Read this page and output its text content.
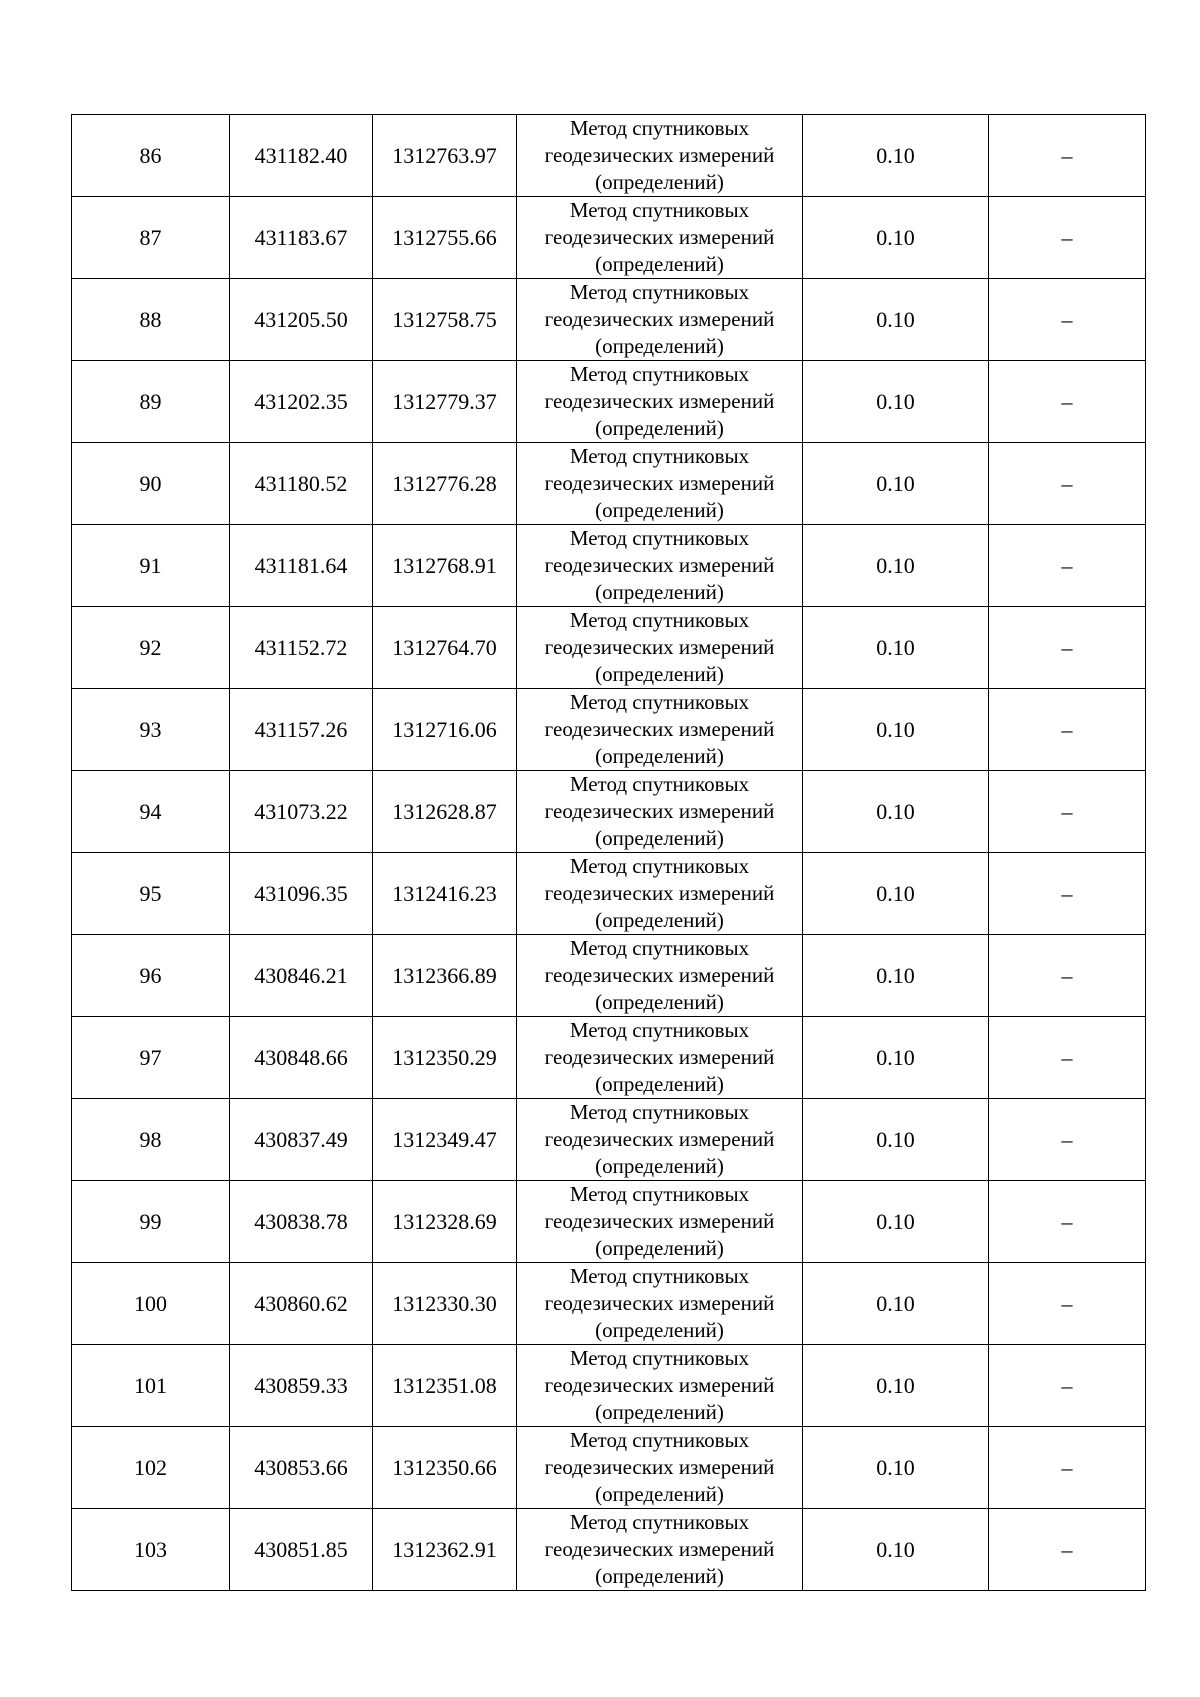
86	431182.40	1312763.97	Метод спутниковых геодезических измерений (определений)	0.10	–
87	431183.67	1312755.66	Метод спутниковых геодезических измерений (определений)	0.10	–
88	431205.50	1312758.75	Метод спутниковых геодезических измерений (определений)	0.10	–
89	431202.35	1312779.37	Метод спутниковых геодезических измерений (определений)	0.10	–
90	431180.52	1312776.28	Метод спутниковых геодезических измерений (определений)	0.10	–
91	431181.64	1312768.91	Метод спутниковых геодезических измерений (определений)	0.10	–
92	431152.72	1312764.70	Метод спутниковых геодезических измерений (определений)	0.10	–
93	431157.26	1312716.06	Метод спутниковых геодезических измерений (определений)	0.10	–
94	431073.22	1312628.87	Метод спутниковых геодезических измерений (определений)	0.10	–
95	431096.35	1312416.23	Метод спутниковых геодезических измерений (определений)	0.10	–
96	430846.21	1312366.89	Метод спутниковых геодезических измерений (определений)	0.10	–
97	430848.66	1312350.29	Метод спутниковых геодезических измерений (определений)	0.10	–
98	430837.49	1312349.47	Метод спутниковых геодезических измерений (определений)	0.10	–
99	430838.78	1312328.69	Метод спутниковых геодезических измерений (определений)	0.10	–
100	430860.62	1312330.30	Метод спутниковых геодезических измерений (определений)	0.10	–
101	430859.33	1312351.08	Метод спутниковых геодезических измерений (определений)	0.10	–
102	430853.66	1312350.66	Метод спутниковых геодезических измерений (определений)	0.10	–
103	430851.85	1312362.91	Метод спутниковых геодезических измерений (определений)	0.10	–
